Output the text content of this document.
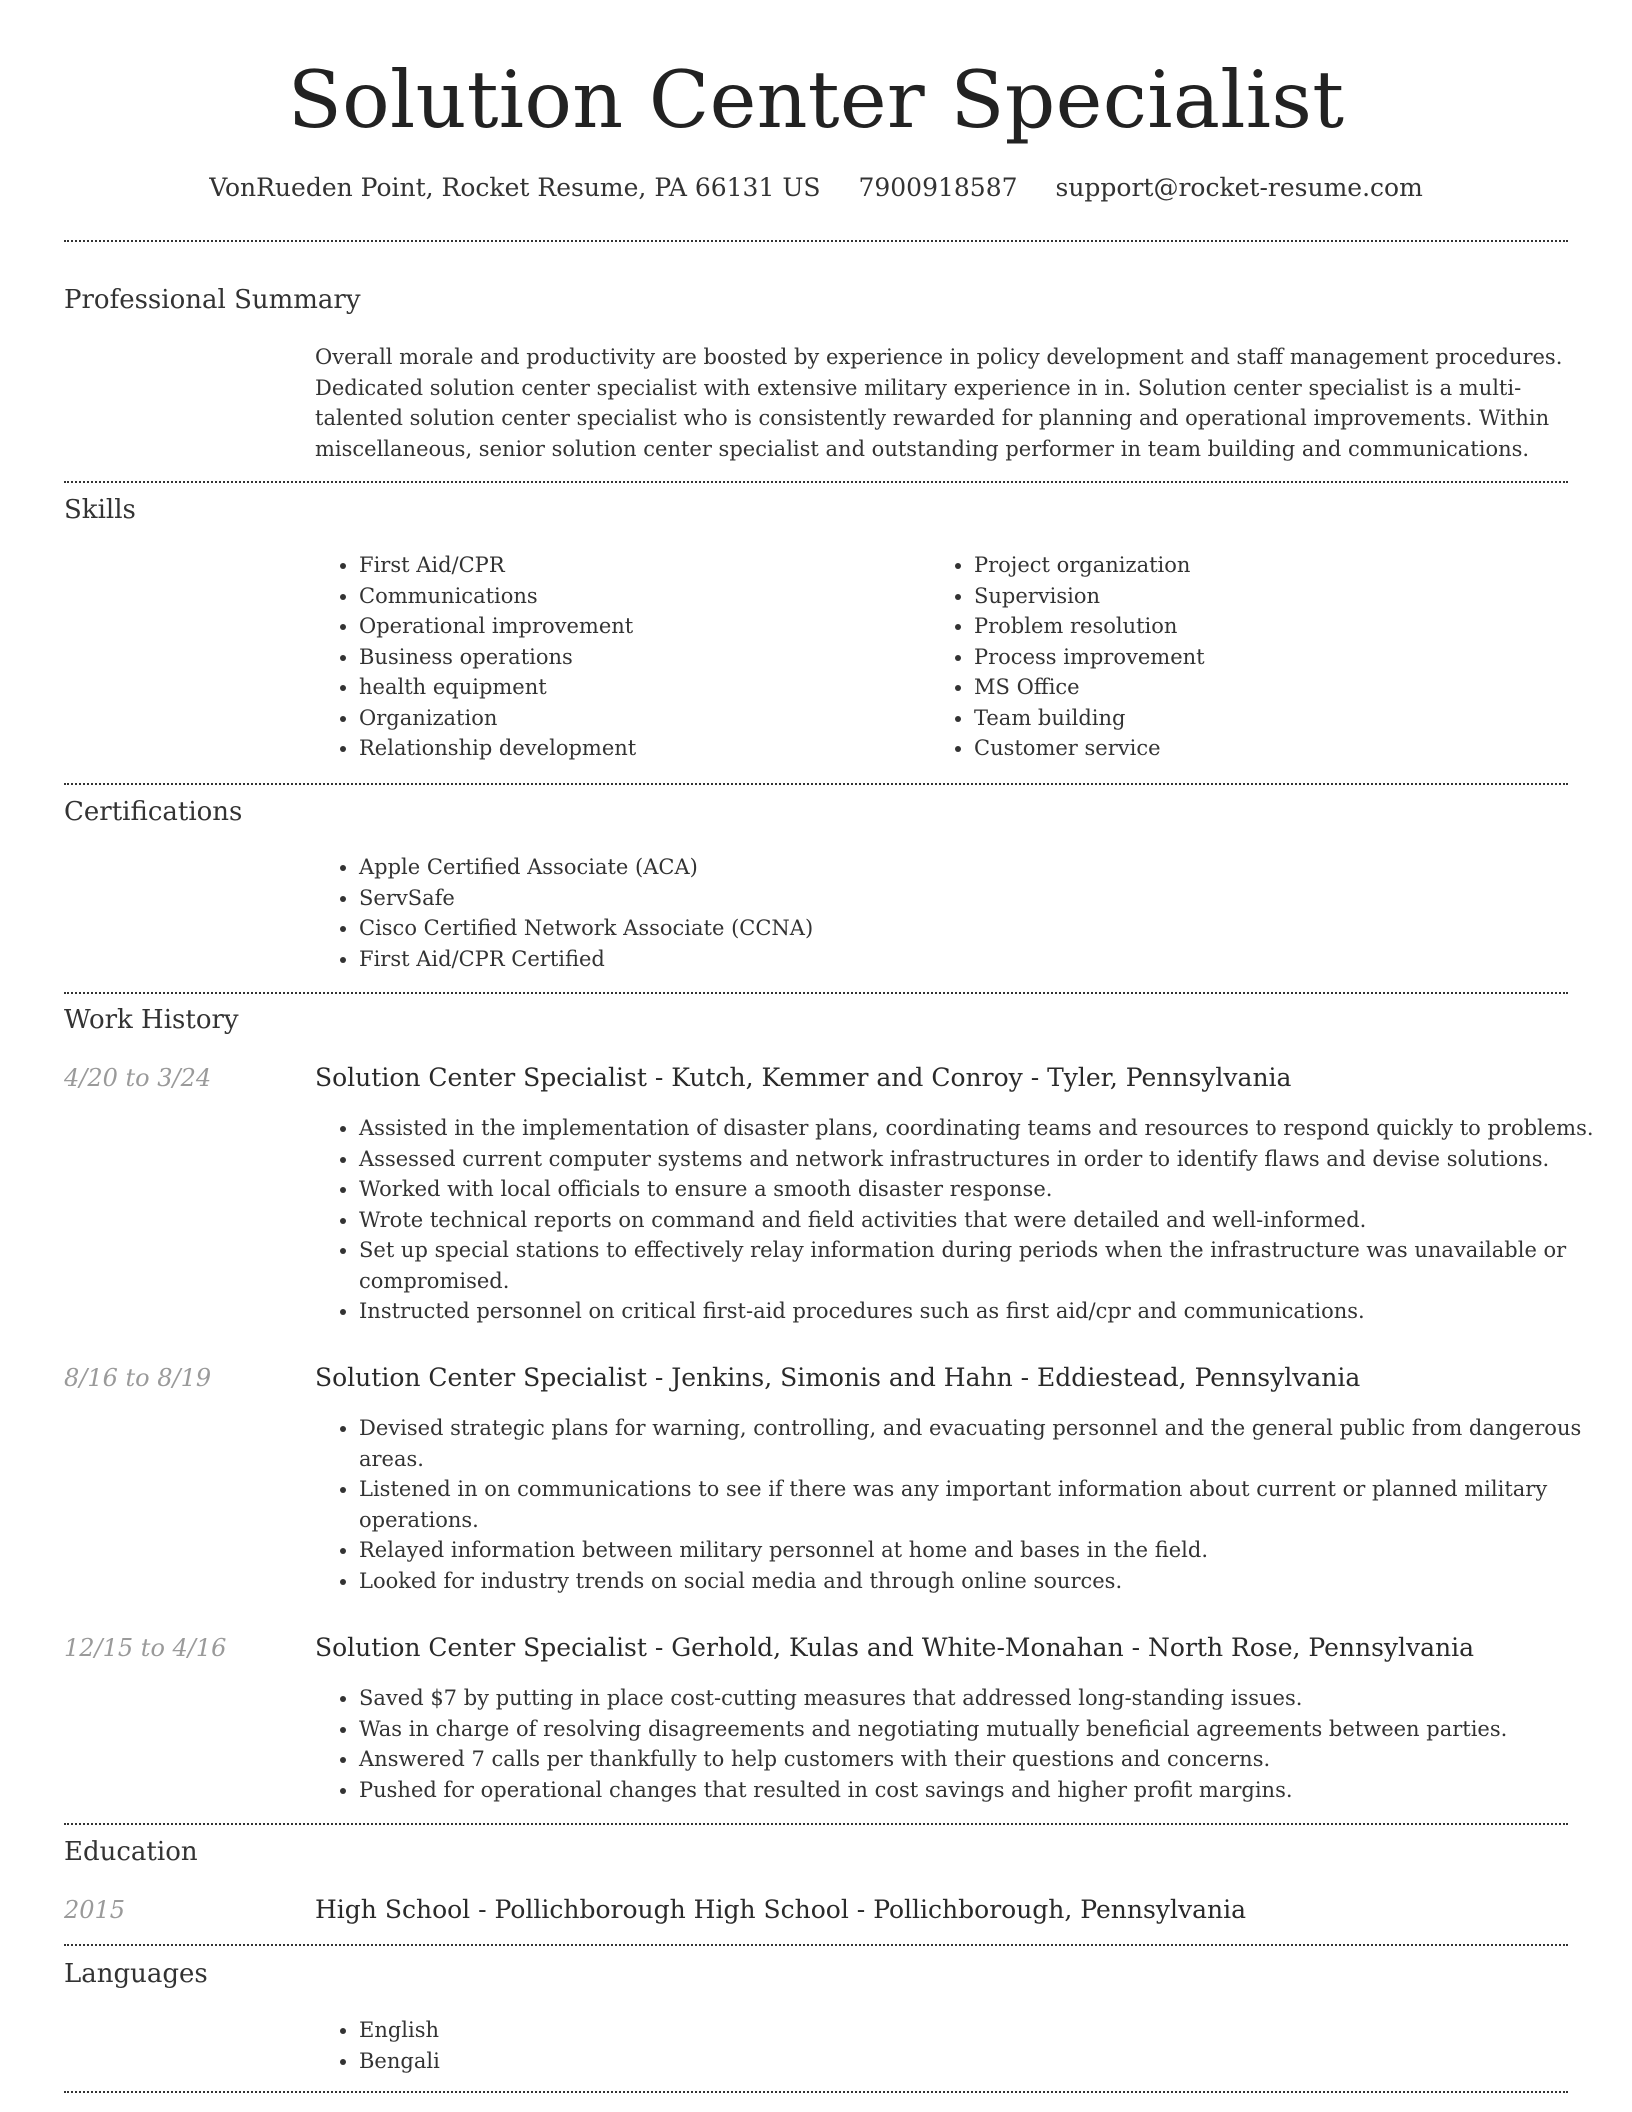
Solution Center Specialist
VonRueden Point, Rocket Resume, PA 66131 US 7900918587 support@rocket-resume.com
Professional Summary
Overall morale and productivity are boosted by experience in policy development and staff management procedures. Dedicated solution center specialist with extensive military experience in in. Solution center specialist is a multi-talented solution center specialist who is consistently rewarded for planning and operational improvements. Within miscellaneous, senior solution center specialist and outstanding performer in team building and communications.
Skills
• First Aid/CPR
• Communications
• Operational improvement
• Business operations
• health equipment
• Organization
• Relationship development
• Project organization
• Supervision
• Problem resolution
• Process improvement
• MS Office
• Team building
• Customer service
Certifications
• Apple Certified Associate (ACA)
• ServSafe
• Cisco Certified Network Associate (CCNA)
• First Aid/CPR Certified
Work History
4/20 to 3/24	Solution Center Specialist - Kutch, Kemmer and Conroy - Tyler, Pennsylvania
• Assisted in the implementation of disaster plans, coordinating teams and resources to respond quickly to problems.
• Assessed current computer systems and network infrastructures in order to identify flaws and devise solutions.
• Worked with local officials to ensure a smooth disaster response.
• Wrote technical reports on command and field activities that were detailed and well-informed.
• Set up special stations to effectively relay information during periods when the infrastructure was unavailable or compromised.
• Instructed personnel on critical first-aid procedures such as first aid/cpr and communications.
8/16 to 8/19	Solution Center Specialist - Jenkins, Simonis and Hahn - Eddiestead, Pennsylvania
• Devised strategic plans for warning, controlling, and evacuating personnel and the general public from dangerous areas.
• Listened in on communications to see if there was any important information about current or planned military operations.
• Relayed information between military personnel at home and bases in the field.
• Looked for industry trends on social media and through online sources.
12/15 to 4/16	Solution Center Specialist - Gerhold, Kulas and White-Monahan - North Rose, Pennsylvania
• Saved $7 by putting in place cost-cutting measures that addressed long-standing issues.
• Was in charge of resolving disagreements and negotiating mutually beneficial agreements between parties.
• Answered 7 calls per thankfully to help customers with their questions and concerns.
• Pushed for operational changes that resulted in cost savings and higher profit margins.
Education
2015	High School - Pollichborough High School - Pollichborough, Pennsylvania
Languages
• English
• Bengali
